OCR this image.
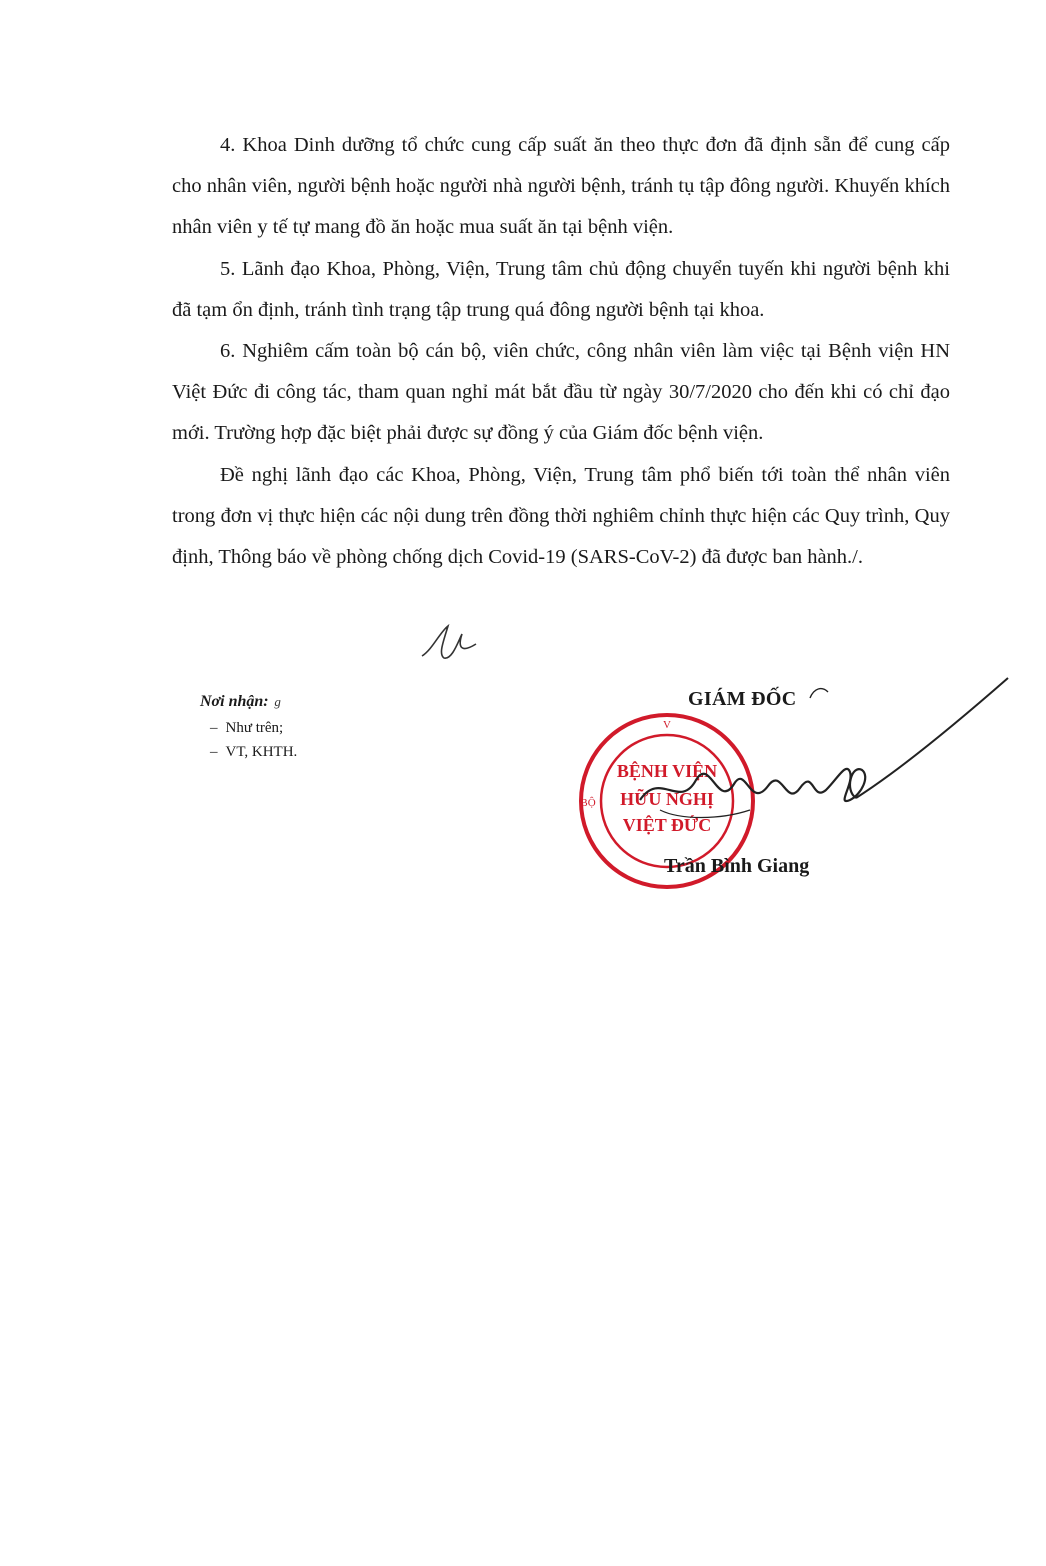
4. Khoa Dinh dưỡng tổ chức cung cấp suất ăn theo thực đơn đã định sẵn để cung cấp cho nhân viên, người bệnh hoặc người nhà người bệnh, tránh tụ tập đông người. Khuyến khích nhân viên y tế tự mang đồ ăn hoặc mua suất ăn tại bệnh viện.

5. Lãnh đạo Khoa, Phòng, Viện, Trung tâm chủ động chuyển tuyến khi người bệnh khi đã tạm ổn định, tránh tình trạng tập trung quá đông người bệnh tại khoa.

6. Nghiêm cấm toàn bộ cán bộ, viên chức, công nhân viên làm việc tại Bệnh viện HN Việt Đức đi công tác, tham quan nghỉ mát bắt đầu từ ngày 30/7/2020 cho đến khi có chỉ đạo mới. Trường hợp đặc biệt phải được sự đồng ý của Giám đốc bệnh viện.

Đề nghị lãnh đạo các Khoa, Phòng, Viện, Trung tâm phổ biến tới toàn thể nhân viên trong đơn vị thực hiện các nội dung trên đồng thời nghiêm chỉnh thực hiện các Quy trình, Quy định, Thông báo về phòng chống dịch Covid-19 (SARS-CoV-2) đã được ban hành./.

Nơi nhận: g
– Như trên;
– VT, KHTH.
GIÁM ĐỐC
V
BỘ
BỆNH VIỆN
HỮU NGHỊ
VIỆT ĐỨC
Trần Bình Giang
